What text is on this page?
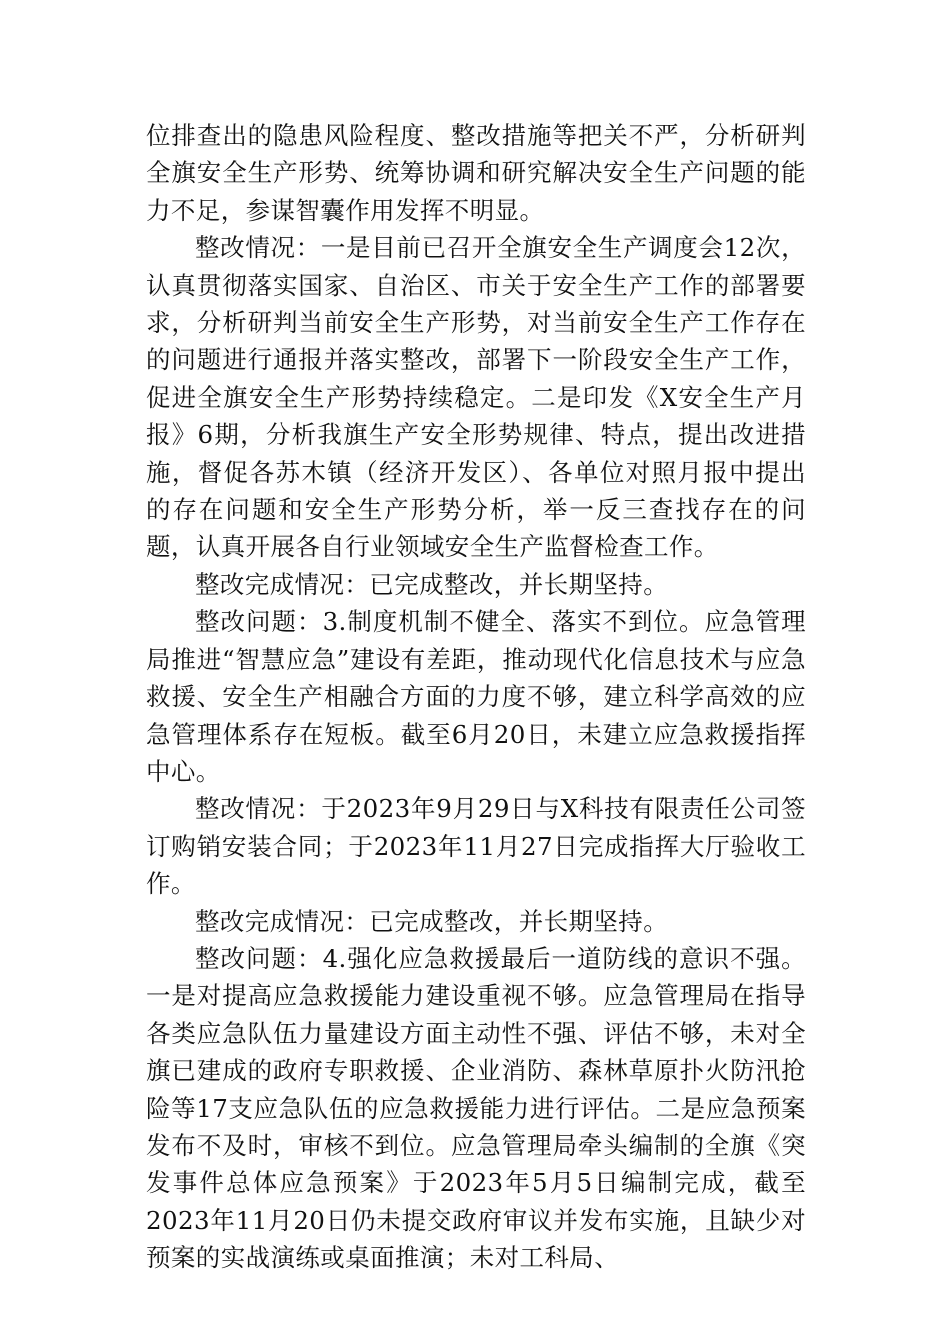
位排查出的隐患风险程度、整改措施等把关不严，分析研判全旗安全生产形势、统筹协调和研究解决安全生产问题的能力不足，参谋智囊作用发挥不明显。

整改情况：一是目前已召开全旗安全生产调度会12次，认真贯彻落实国家、自治区、市关于安全生产工作的部署要求，分析研判当前安全生产形势，对当前安全生产工作存在的问题进行通报并落实整改，部署下一阶段安全生产工作，促进全旗安全生产形势持续稳定。二是印发《X安全生产月报》6期，分析我旗生产安全形势规律、特点，提出改进措施，督促各苏木镇（经济开发区）、各单位对照月报中提出的存在问题和安全生产形势分析，举一反三查找存在的问题，认真开展各自行业领域安全生产监督检查工作。

整改完成情况：已完成整改，并长期坚持。

整改问题：3.制度机制不健全、落实不到位。应急管理局推进“智慧应急”建设有差距，推动现代化信息技术与应急救援、安全生产相融合方面的力度不够，建立科学高效的应急管理体系存在短板。截至6月20日，未建立应急救援指挥中心。

整改情况：于2023年9月29日与X科技有限责任公司签订购销安装合同；于2023年11月27日完成指挥大厅验收工作。

整改完成情况：已完成整改，并长期坚持。

整改问题：4.强化应急救援最后一道防线的意识不强。一是对提高应急救援能力建设重视不够。应急管理局在指导各类应急队伍力量建设方面主动性不强、评估不够，未对全旗已建成的政府专职救援、企业消防、森林草原扑火防汛抢险等17支应急队伍的应急救援能力进行评估。二是应急预案发布不及时，审核不到位。应急管理局牵头编制的全旗《突发事件总体应急预案》于2023年5月5日编制完成，截至2023年11月20日仍未提交政府审议并发布实施，且缺少对预案的实战演练或桌面推演；未对工科局、
